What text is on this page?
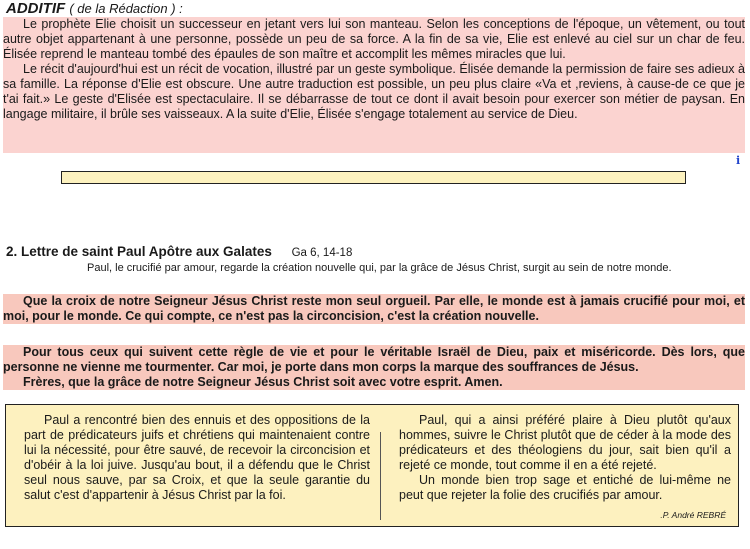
ADDITIF ( de la Rédaction ) :

Le prophète Elie choisit un successeur en jetant vers lui son manteau. Selon les conceptions de l'époque, un vêtement, ou tout autre objet appartenant à une personne, possède un peu de sa force. A la fin de sa vie, Elie est enlevé au ciel sur un char de feu. Élisée reprend le manteau tombé des épaules de son maître et accomplit les mêmes miracles que lui.

Le récit d'aujourd'hui est un récit de vocation, illustré par un geste symbolique. Élisée demande la permission de faire ses adieux à sa famille. La réponse d'Elie est obscure. Une autre traduction est possible, un peu plus claire «Va et ,reviens, à cause-de ce que je t'ai fait.» Le geste d'Elisée est spectaculaire. Il se débarrasse de tout ce dont il avait besoin pour exercer son métier de paysan. En langage militaire, il brûle ses vaisseaux. A la suite d'Elie, Élisée s'engage totalement au service de Dieu.

i
2. Lettre de saint Paul Apôtre aux Galates Ga 6, 14-18
Paul, le crucifié par amour, regarde la création nouvelle qui, par la grâce de Jésus Christ, surgit au sein de notre monde.

Que la croix de notre Seigneur Jésus Christ reste mon seul orgueil. Par elle, le monde est à jamais crucifié pour moi, et moi, pour le monde. Ce qui compte, ce n'est pas la circoncision, c'est la création nouvelle.

Pour tous ceux qui suivent cette règle de vie et pour le véritable Israël de Dieu, paix et miséricorde. Dès lors, que personne ne vienne me tourmenter. Car moi, je porte dans mon corps la marque des souffrances de Jésus.

Frères, que la grâce de notre Seigneur Jésus Christ soit avec votre esprit. Amen.

Paul a rencontré bien des ennuis et des oppositions de la part de prédicateurs juifs et chrétiens qui maintenaient contre lui la nécessité, pour être sauvé, de recevoir la circoncision et d'obéir à la loi juive. Jusqu'au bout, il a défendu que le Christ seul nous sauve, par sa Croix, et que la seule garantie du salut c'est d'appartenir à Jésus Christ par la foi.

Paul, qui a ainsi préféré plaire à Dieu plutôt qu'aux hommes, suivre le Christ plutôt que de céder à la mode des prédicateurs et des théologiens du jour, sait bien qu'il a rejeté ce monde, tout comme il en a été rejeté.

Un monde bien trop sage et entiché de lui-même ne peut que rejeter la folie des crucifiés par amour.

.P. André REBRÉ
